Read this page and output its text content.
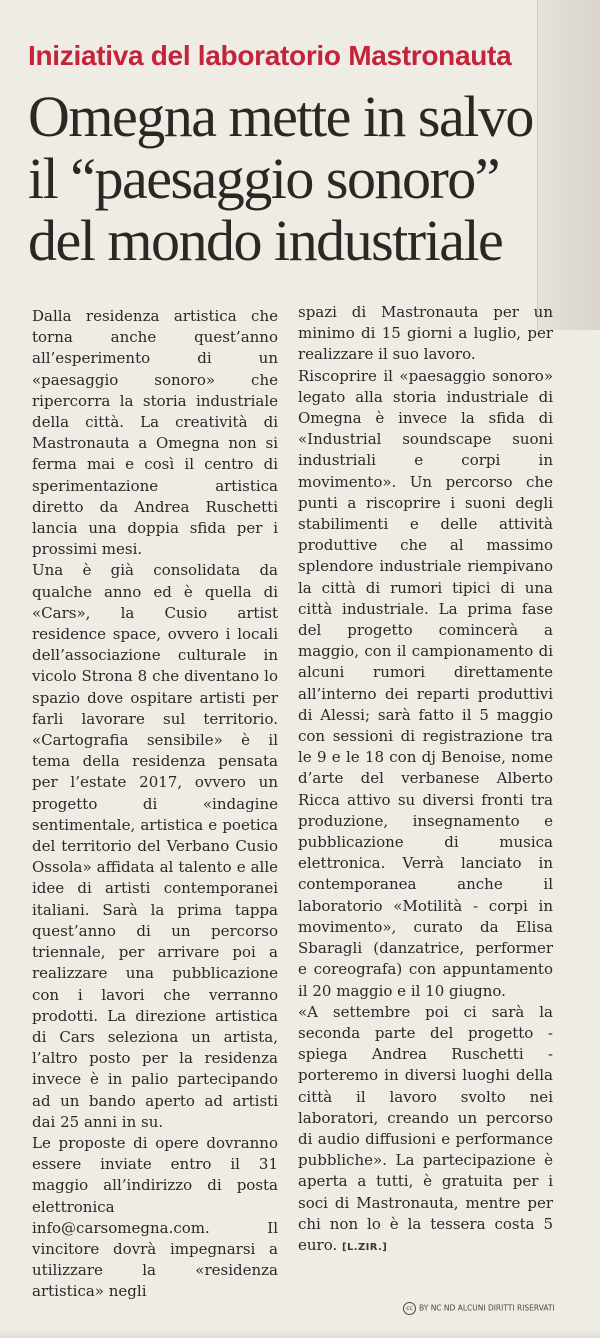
Iniziativa del laboratorio Mastronauta
Omegna mette in salvo
il “paesaggio sonoro”
del mondo industriale

Dalla residenza artistica che torna anche quest’anno all’esperimento di un «paesaggio sonoro» che ripercorra la storia industriale della città. La creatività di Mastronauta a Omegna non si ferma mai e così il centro di sperimentazione artistica diretto da Andrea Ruschetti lancia una doppia sfida per i prossimi mesi.

Una è già consolidata da qualche anno ed è quella di «Cars», la Cusio artist residence space, ovvero i locali dell’associazione culturale in vicolo Strona 8 che diventano lo spazio dove ospitare artisti per farli lavorare sul territorio. «Cartografia sensibile» è il tema della residenza pensata per l’estate 2017, ovvero un progetto di «indagine sentimentale, artistica e poetica del territorio del Verbano Cusio Ossola» affidata al talento e alle idee di artisti contemporanei italiani. Sarà la prima tappa quest’anno di un percorso triennale, per arrivare poi a realizzare una pubblicazione con i lavori che verranno prodotti. La direzione artistica di Cars seleziona un artista, l’altro posto per la residenza invece è in palio partecipando ad un bando aperto ad artisti dai 25 anni in su.

Le proposte di opere dovranno essere inviate entro il 31 maggio all’indirizzo di posta elettronica info@carsomegna.com. Il vincitore dovrà impegnarsi a utilizzare la «residenza artistica» negli

spazi di Mastronauta per un minimo di 15 giorni a luglio, per realizzare il suo lavoro.

Riscoprire il «paesaggio sonoro» legato alla storia industriale di Omegna è invece la sfida di «Industrial soundscape suoni industriali e corpi in movimento». Un percorso che punti a riscoprire i suoni degli stabilimenti e delle attività produttive che al massimo splendore industriale riempivano la città di rumori tipici di una città industriale. La prima fase del progetto comincerà a maggio, con il campionamento di alcuni rumori direttamente all’interno dei reparti produttivi di Alessi; sarà fatto il 5 maggio con sessioni di registrazione tra le 9 e le 18 con dj Benoise, nome d’arte del verbanese Alberto Ricca attivo su diversi fronti tra produzione, insegnamento e pubblicazione di musica elettronica. Verrà lanciato in contemporanea anche il laboratorio «Motilità - corpi in movimento», curato da Elisa Sbaragli (danzatrice, performer e coreografa) con appuntamento il 20 maggio e il 10 giugno.

«A settembre poi ci sarà la seconda parte del progetto - spiega Andrea Ruschetti - porteremo in diversi luoghi della città il lavoro svolto nei laboratori, creando un percorso di audio diffusioni e performance pubbliche». La partecipazione è aperta a tutti, è gratuita per i soci di Mastronauta, mentre per chi non lo è la tessera costa 5 euro. [L.ZIR.]

cc BY NC ND ALCUNI DIRITTI RISERVATI
